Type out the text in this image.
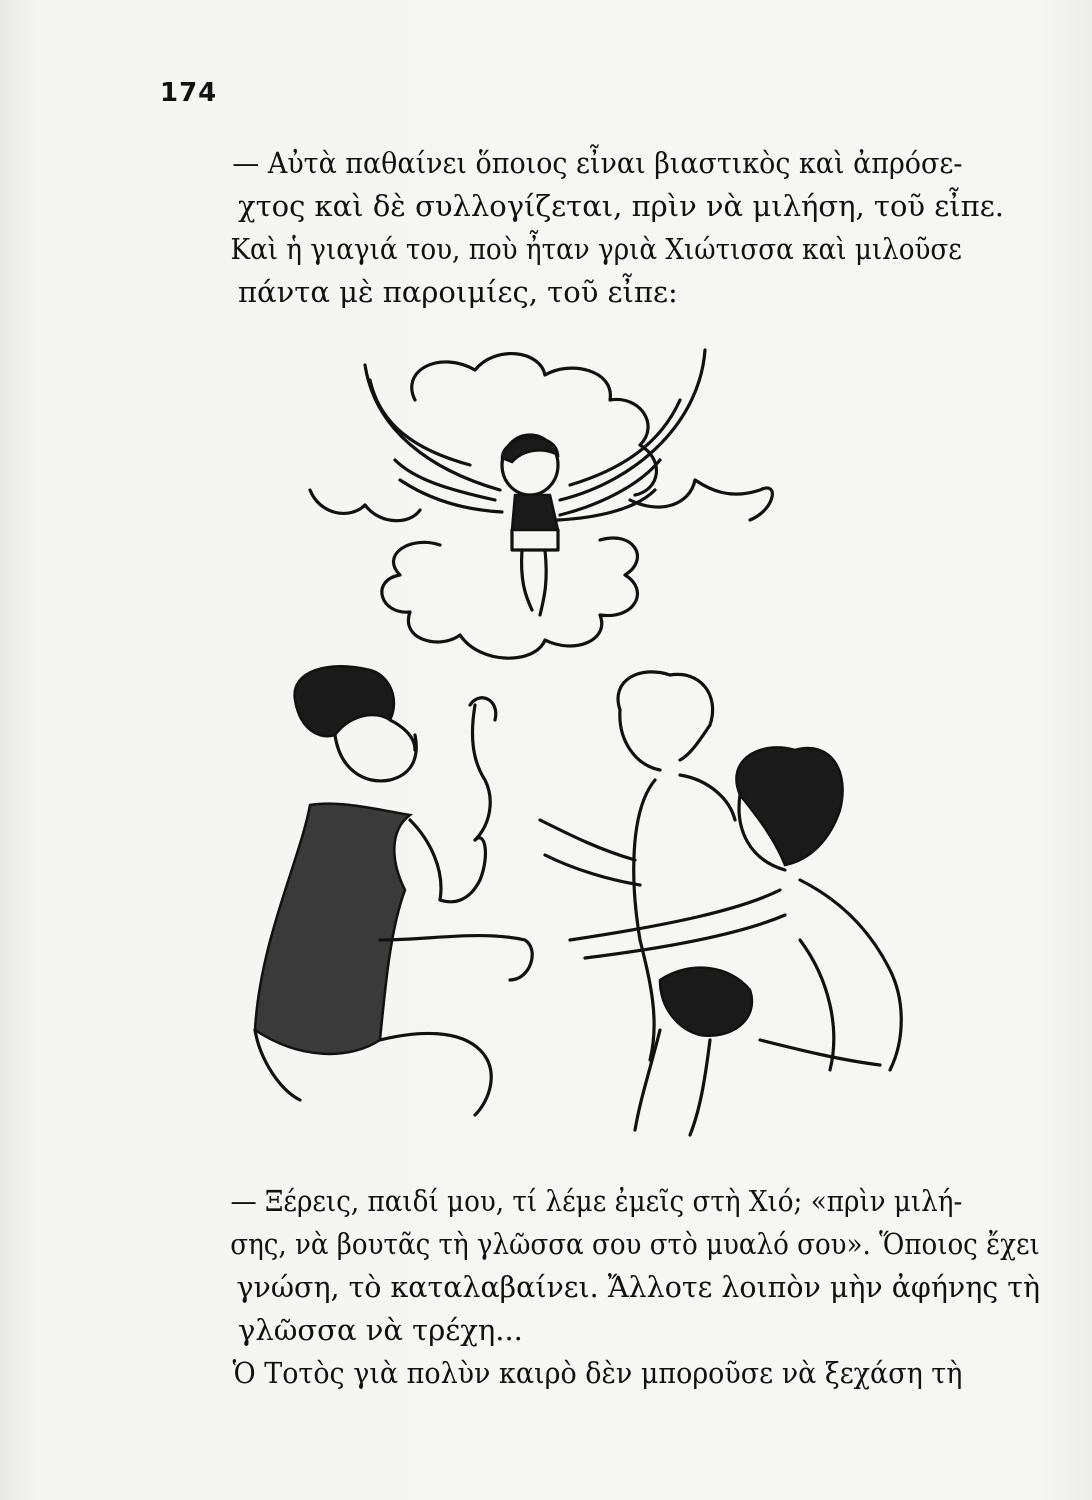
174

— Αὐτὰ παθαίνει ὅποιος εἶναι βιαστικὸς καὶ ἀπρόσε-
χτος καὶ δὲ συλλογίζεται, πρὶν νὰ μιλήση, τοῦ εἶπε.

Καὶ ἡ γιαγιά του, ποὺ ἦταν γριὰ Χιώτισσα καὶ μιλοῦσε
πάντα μὲ παροιμίες, τοῦ εἶπε:

— Ξέρεις, παιδί μου, τί λέμε ἐμεῖς στὴ Χιό; «πρὶν μιλή-
σης, νὰ βουτᾶς τὴ γλῶσσα σου στὸ μυαλό σου». Ὅποιος ἔχει
γνώση, τὸ καταλαβαίνει. Ἄλλοτε λοιπὸν μὴν ἀφήνης τὴ
γλῶσσα νὰ τρέχη...

Ὁ Τοτὸς γιὰ πολὺν καιρὸ δὲν μποροῦσε νὰ ξεχάση τὴ
